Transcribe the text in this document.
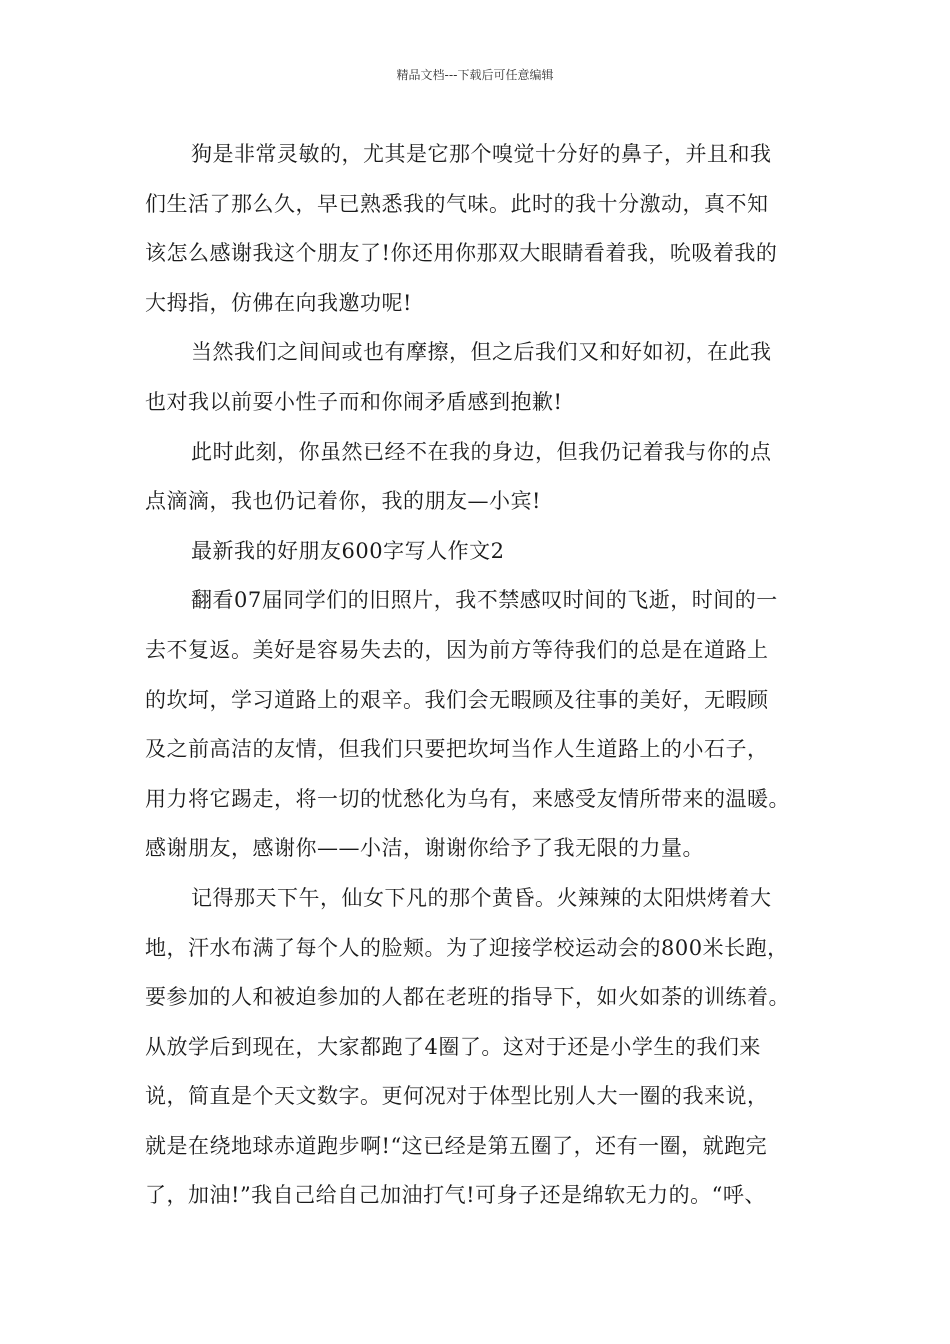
精品文档---下载后可任意编辑
狗是非常灵敏的，尤其是它那个嗅觉十分好的鼻子，并且和我
们生活了那么久，早已熟悉我的气味。此时的我十分激动，真不知
该怎么感谢我这个朋友了!你还用你那双大眼睛看着我，吮吸着我的
大拇指，仿佛在向我邀功呢!
当然我们之间间或也有摩擦，但之后我们又和好如初，在此我
也对我以前耍小性子而和你闹矛盾感到抱歉!
此时此刻，你虽然已经不在我的身边，但我仍记着我与你的点
点滴滴，我也仍记着你，我的朋友—小宾!
最新我的好朋友600字写人作文2
翻看07届同学们的旧照片，我不禁感叹时间的飞逝，时间的一
去不复返。美好是容易失去的，因为前方等待我们的总是在道路上
的坎坷，学习道路上的艰辛。我们会无暇顾及往事的美好，无暇顾
及之前高洁的友情，但我们只要把坎坷当作人生道路上的小石子，
用力将它踢走，将一切的忧愁化为乌有，来感受友情所带来的温暖。
感谢朋友，感谢你——小洁，谢谢你给予了我无限的力量。
记得那天下午，仙女下凡的那个黄昏。火辣辣的太阳烘烤着大
地，汗水布满了每个人的脸颊。为了迎接学校运动会的800米长跑，
要参加的人和被迫参加的人都在老班的指导下，如火如荼的训练着。
从放学后到现在，大家都跑了4圈了。这对于还是小学生的我们来
说，简直是个天文数字。更何况对于体型比别人大一圈的我来说，
就是在绕地球赤道跑步啊!“这已经是第五圈了，还有一圈，就跑完
了，加油!”我自己给自己加油打气!可身子还是绵软无力的。“呼、
